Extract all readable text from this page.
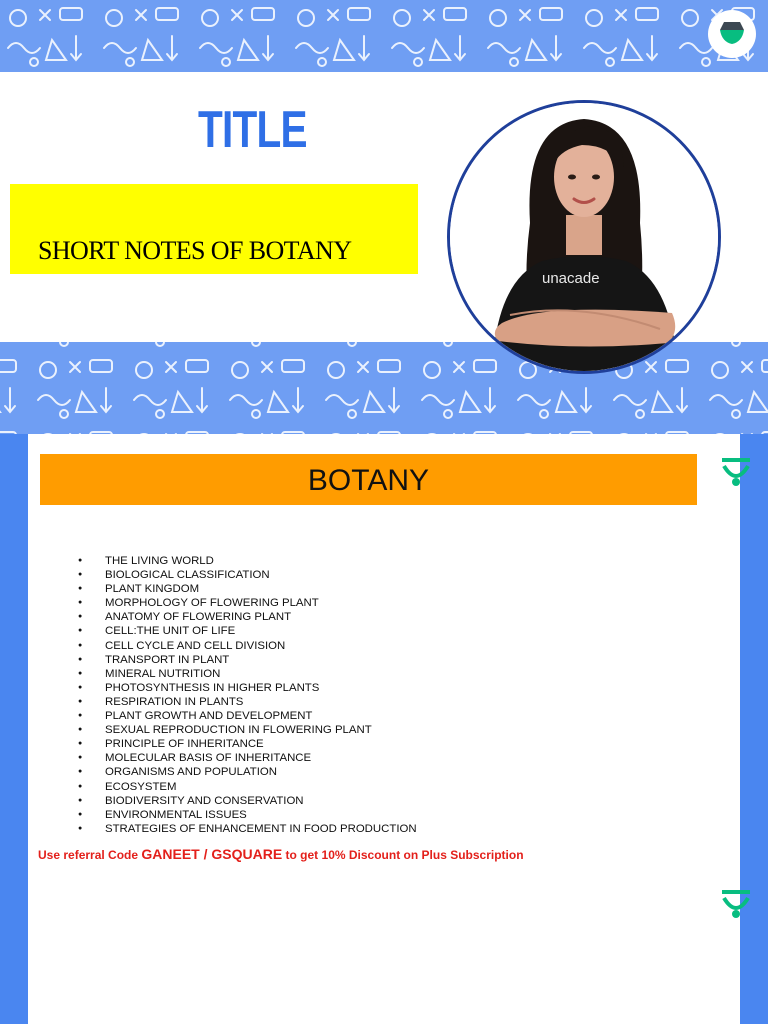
TITLE
SHORT NOTES OF BOTANY
unacade
BOTANY
● THE LIVING WORLD
● BIOLOGICAL CLASSIFICATION
● PLANT KINGDOM
● MORPHOLOGY OF FLOWERING PLANT
● ANATOMY OF FLOWERING PLANT
● CELL:THE UNIT OF LIFE
● CELL CYCLE AND CELL DIVISION
● TRANSPORT IN PLANT
● MINERAL NUTRITION
● PHOTOSYNTHESIS IN HIGHER PLANTS
● RESPIRATION IN PLANTS
● PLANT GROWTH AND DEVELOPMENT
● SEXUAL REPRODUCTION IN FLOWERING PLANT
● PRINCIPLE OF INHERITANCE
● MOLECULAR BASIS OF INHERITANCE
● ORGANISMS AND POPULATION
● ECOSYSTEM
● BIODIVERSITY AND CONSERVATION
● ENVIRONMENTAL ISSUES
● STRATEGIES OF ENHANCEMENT IN FOOD PRODUCTION
Use referral Code GANEET / GSQUARE to get 10% Discount on Plus Subscription
